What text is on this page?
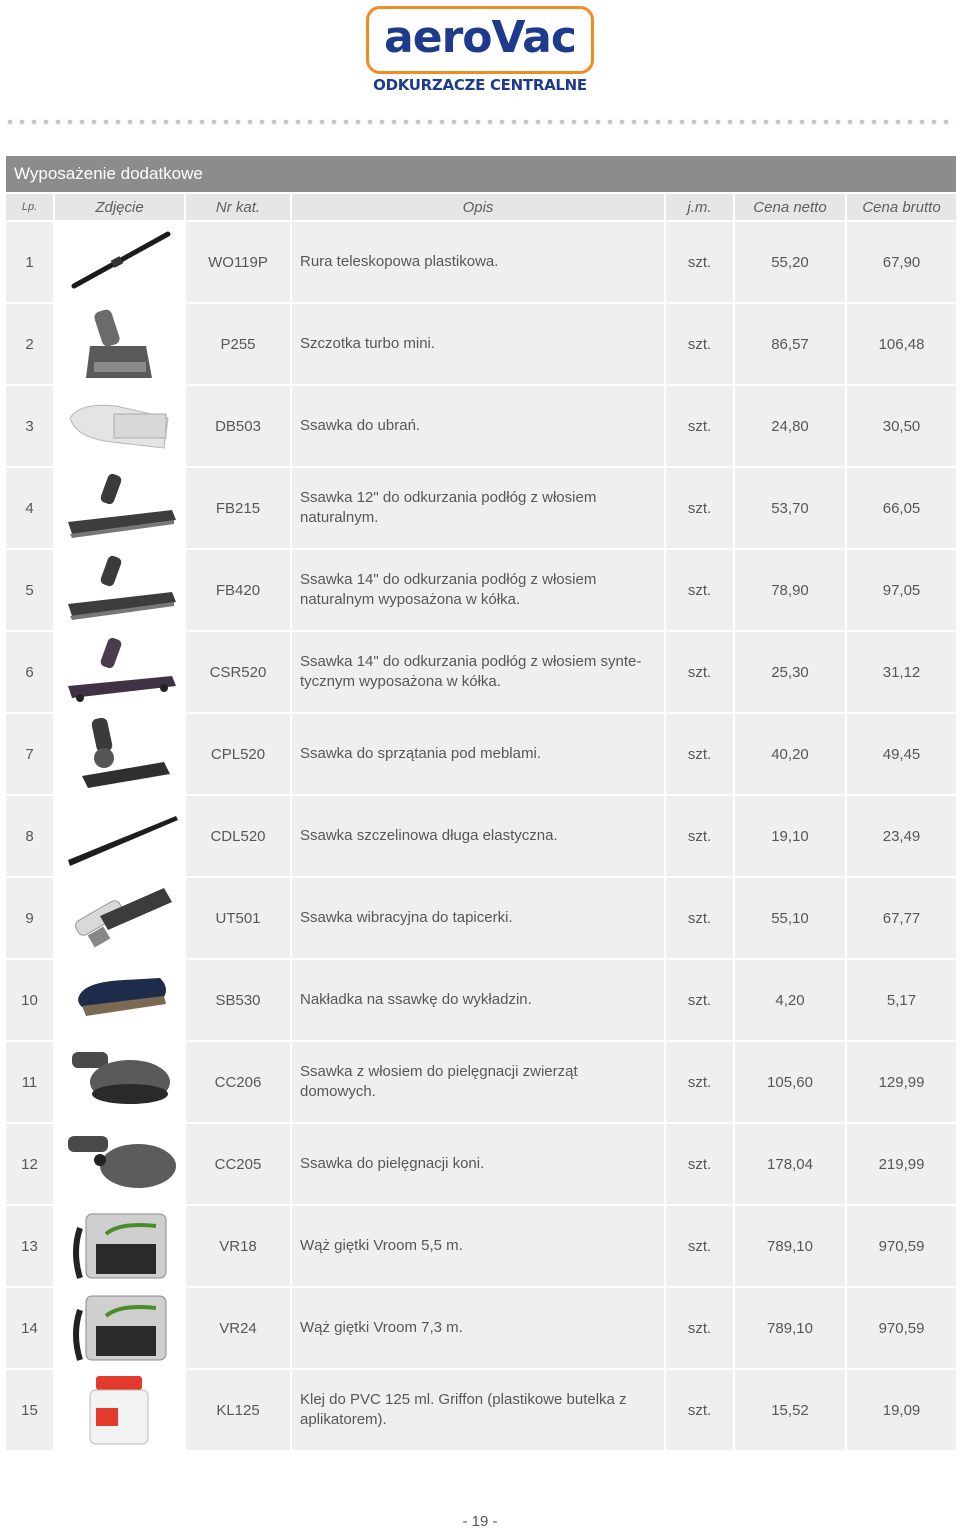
aeroVac
ODKURZACZE CENTRALNE
Wyposażenie dodatkowe						
Lp.	Zdjęcie	Nr kat.	Opis	j.m.	Cena netto	Cena brutto
1		WO119P	Rura teleskopowa plastikowa.	szt.	55,20	67,90
2		P255	Szczotka turbo mini.	szt.	86,57	106,48
3		DB503	Ssawka do ubrań.	szt.	24,80	30,50
4		FB215	Ssawka 12" do odkurzania podłóg z włosiem naturalnym.	szt.	53,70	66,05
5		FB420	Ssawka 14" do odkurzania podłóg z włosiem naturalnym wyposażona w kółka.	szt.	78,90	97,05
6		CSR520	Ssawka 14" do odkurzania podłóg z włosiem synte-tycznym wyposażona w kółka.	szt.	25,30	31,12
7		CPL520	Ssawka do sprzątania pod meblami.	szt.	40,20	49,45
8		CDL520	Ssawka szczelinowa długa elastyczna.	szt.	19,10	23,49
9		UT501	Ssawka wibracyjna do tapicerki.	szt.	55,10	67,77
10		SB530	Nakładka na ssawkę do wykładzin.	szt.	4,20	5,17
11		CC206	Ssawka z włosiem do pielęgnacji zwierząt domowych.	szt.	105,60	129,99
12		CC205	Ssawka do pielęgnacji koni.	szt.	178,04	219,99
13		VR18	Wąż giętki Vroom 5,5 m.	szt.	789,10	970,59
14		VR24	Wąż giętki Vroom 7,3 m.	szt.	789,10	970,59
15		KL125	Klej do PVC 125 ml. Griffon (plastikowe butelka z aplikatorem).	szt.	15,52	19,09
- 19 -
